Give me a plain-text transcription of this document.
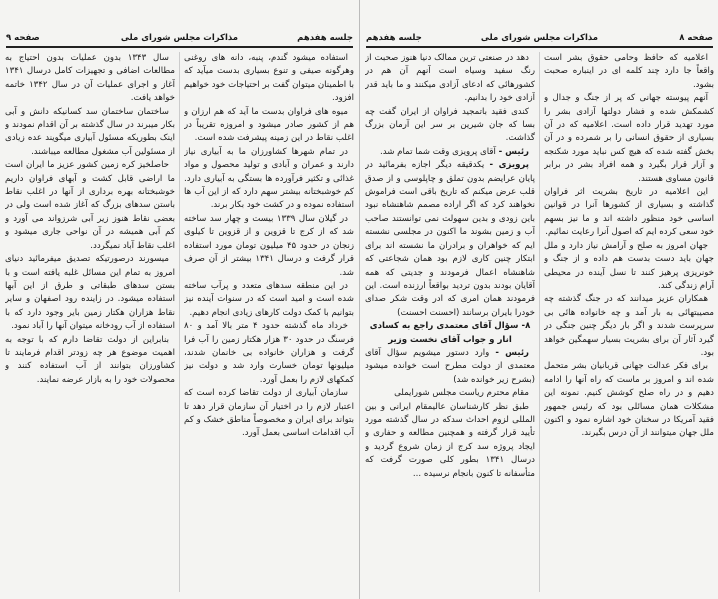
جلسه هفدهم
مذاکرات مجلس شورای ملی
صفحه ۹

استفاده میشود گندم، پنبه، دانه های روغنی وهرگونه صیفی و تنوع بسیاری بدست میآید که با اطمینان میتوان گفت بر احتیاجات خود خواهیم افزود.

میوه های فراوان بدست ما آید که هم ارزان و هم از کشور صادر میشود و امروزه تقریباً در اغلب نقاط در این زمینه پیشرفت شده است.

در تمام شهرها کشاورزان ما به آبیاری نیاز دارند و عمران و آبادی و تولید محصول و مواد غذائی و تکثیر فرآورده ها بستگی به آبیاری دارد. کم خوشبختانه بیشتر سهم دارد که از این آب ها استفاده نموده و در کشت خود بکار برند.

در گیلان سال ۱۳۳۹ بیست و چهار سد ساخته شد که از کرج تا قزوین و از قزوین تا کیلوی زنجان در حدود ۴۵ میلیون تومان مورد استفاده قرار گرفت و درسال ۱۳۴۱ بیشتر از آن صرف شد.

در این منطقه سدهای متعدد و پرآب ساخته شده است و امید است که در سنوات آینده نیز بتوانیم با کمک دولت کارهای زیادی انجام دهیم.

خرداد ماه گذشته حدود ۴ متر بالا آمد و ۸۰ فرسنگ در حدود ۳۰ هزار هکتار زمین را آب فرا گرفت و هزاران خانواده بی خانمان شدند، میلیونها تومان خسارت وارد شد و دولت نیز کمکهای لازم را بعمل آورد.

سازمان آبیاری از دولت تقاضا کرده است که اعتبار لازم را در اختیار آن سازمان قرار دهد تا بتواند برای ایران و مخصوصاً مناطق خشک و کم آب اقدامات اساسی بعمل آورد.

سال ۱۳۴۳ بدون عملیات بدون احتیاج به مطالعات اضافی و تجهیزات کامل درسال ۱۳۴۱ آغاز و اجرای عملیات آن در سال ۱۳۴۲ خاتمه خواهد یافت.

ساختمان ساختمان سد کسانیکه دانش و آبی بکار میبرند در سال گذشته بر آن اقدام نمودند و اینک بطوریکه مسئول آبیاری میگویند عده زیادی از مسئولین آب مشغول مطالعه میباشند.

حاصلخیز کره زمین کشور عزیز ما ایران است ما اراضی قابل کشت و آبهای فراوان داریم خوشبختانه بهره برداری از آنها در اغلب نقاط باستن سدهای بزرگ که آغاز شده است ولی در بعضی نقاط هنوز زیر آبی شرزواند می آورد و کم آبی همیشه در آن نواحی جاری میشود و اغلب نقاط آباد نمیگردد.

میسورند درصورتیکه تصدیق میفرمائید دنیای امروز به تمام این مسائل غلبه یافته است و با بستن سدهای طبقاتی و طرق از این آبها استفاده میشود. در زاینده رود اصفهان و سایر نقاط هزاران هکتار زمین بایر وجود دارد که با استفاده از آب رودخانه میتوان آنها را آباد نمود.

بنابراین از دولت تقاضا دارم که با توجه به اهمیت موضوع هر چه زودتر اقدام فرمایند تا کشاورزان بتوانند از آب استفاده کنند و محصولات خود را به بازار عرضه نمایند.

صفحه ۸
مذاکرات مجلس شورای ملی
جلسه هفدهم

اعلامیه که حافظ وحامی حقوق بشر است واقعاً جا دارد چند کلمه ای در اینباره صحبت بشود.

آنهم پیوسته جهانی که پر از جنگ و جدال و کشمکش شده و فشار دولتها آزادی بشر را مورد تهدید قرار داده است. اعلامیه که در آن بسیاری از حقوق انسانی را بر شمرده و در آن بخش گفته شده که هیچ کس نباید مورد شکنجه و آزار قرار بگیرد و همه افراد بشر در برابر قانون مساوی هستند.

این اعلامیه در تاریخ بشریت اثر فراوان گذاشته و بسیاری از کشورها آنرا در قوانین اساسی خود منظور داشته اند و ما نیز بسهم خود سعی کرده ایم که اصول آنرا رعایت نمائیم.

جهان امروز به صلح و آرامش نیاز دارد و ملل جهان باید دست بدست هم داده و از جنگ و خونریزی پرهیز کنند تا نسل آینده در محیطی آرام زندگی کند.

همکاران عزیز میدانند که در جنگ گذشته چه مصیبتهائی به بار آمد و چه خانواده هائی بی سرپرست شدند و اگر بار دیگر چنین جنگی در گیرد آثار آن برای بشریت بسیار سهمگین خواهد بود.

برای فکر عدالت جهانی قربانیان بشر متحمل شده اند و امروز بر ماست که راه آنها را ادامه دهیم و در راه صلح کوشش کنیم. نمونه این مشکلات همان مسائلی بود که رئیس جمهور فقید آمریکا در سخنان خود اشاره نمود و اکنون ملل جهان میتوانند از آن درس بگیرند.

دهد در صنعتی ترین ممالک دنیا هنوز صحبت از رنگ سفید وسیاه است آنهم آن هم در کشورهائی که ادعای آزادی میکنند و ما باید قدر آزادی خود را بدانیم.

کندی فقید باتمجید فراوان از ایران گفت چه بسا که جان شیرین بر سر این آرمان بزرگ گذاشت.

رئیس - آقای پرویزی وقت شما تمام شد.

پرویزی - یکدقیقه دیگر اجازه بفرمائید در پایان عرایضم بدون تملق و چاپلوسی و از صدق قلب عرض میکنم که تاریخ باقی است فراموش نخواهند کرد که اگر اراده مصمم شاهنشاه نبود باین زودی و بدین سهولت نمی توانستند صاحب آب و زمین بشوند ما اکنون در مجلسی نشسته ایم که خواهران و برادران ما نشسته اند برای ابتکار چنین کاری لازم بود همان شجاعتی که شاهنشاه اعمال فرمودند و جدیتی که همه آقایان بودند بدون تردید بواقعاً ارزنده است. این فرمودند همان امری که ادر وقت شکر صدای خودرا بایران برسانند (احسنت احسنت)

۸- سؤال آقای معتمدی راجع به کسادی انار و جواب آقای نخست وزیر

رئیس - وارد دستور میشویم سؤال آقای معتمدی از دولت مطرح است خوانده میشود (بشرح زیر خوانده شد)

مقام محترم ریاست مجلس شورایملی

طبق نظر کارشناسان عالیمقام ایرانی و بین المللی لزوم احداث سدکه در سال گذشته مورد تأیید قرار گرفته و همچنین مطالعه و حفاری و ایجاد پروژه سد کرج از زمان شروع گردید و درسال ۱۳۴۱ بطور کلی صورت گرفت که متأسفانه تا کنون بانجام نرسیده ...
